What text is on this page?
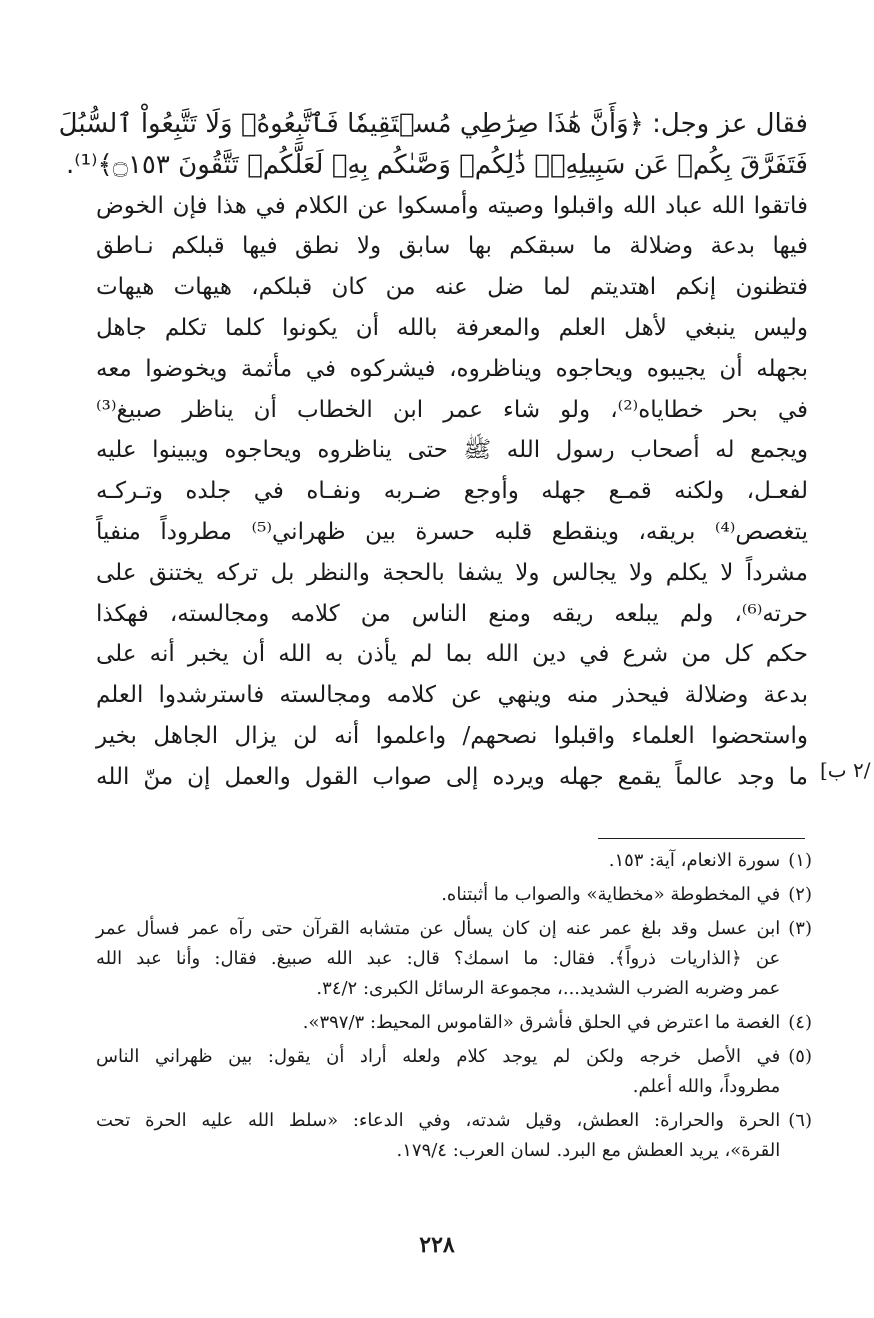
فقال عز وجل: ﴿وَأَنَّ هَٰذَا صِرَٰطِي مُسۡتَقِيمٗا فَٱتَّبِعُوهُۖ وَلَا تَتَّبِعُواْ ٱلسُّبُلَ
فَتَفَرَّقَ بِكُمۡ عَن سَبِيلِهِۦۚ ذَٰلِكُمۡ وَصَّىٰكُم بِهِۦ لَعَلَّكُمۡ تَتَّقُونَ ۝١٥٣﴾⁽¹⁾.
فاتقوا الله عباد الله واقبلوا وصيته وأمسكوا عن الكلام في هذا فإن الخوض
فيها بدعة وضلالة ما سبقكم بها سابق ولا نطق فيها قبلكم نـاطق
فتظنون إنكم اهتديتم لما ضل عنه من كان قبلكم، هيهات هيهات
وليس ينبغي لأهل العلم والمعرفة بالله أن يكونوا كلما تكلم جاهل
بجهله أن يجيبوه ويحاجوه ويناظروه، فيشركوه في مأثمة ويخوضوا معه
في بحر خطاياه⁽²⁾، ولو شاء عمر ابن الخطاب أن يناظر صبيغ⁽³⁾
ويجمع له أصحاب رسول الله ﷺ حتى يناظروه ويحاجوه ويبينوا عليه
لفعـل، ولكنه قمـع جهله وأوجع ضـربه ونفـاه في جلده وتـركـه
يتغصص⁽⁴⁾ بريقه، وينقطع قلبه حسرة بين ظهراني⁽⁵⁾ مطروداً منفياً
مشرداً لا يكلم ولا يجالس ولا يشفا بالحجة والنظر بل تركه يختنق على
حرته⁽⁶⁾، ولم يبلعه ريقه ومنع الناس من كلامه ومجالسته، فهكذا
حكم كل من شرع في دين الله بما لم يأذن به الله أن يخبر أنه على
بدعة وضلالة فيحذر منه وينهي عن كلامه ومجالسته فاسترشدوا العلم
واستحضوا العلماء واقبلوا نصحهم/ واعلموا أنه لن يزال الجاهل بخير
ما وجد عالماً يقمع جهله ويرده إلى صواب القول والعمل إن منّ الله /٢ ب]
(١)
سورة الانعام، آية: ١٥٣.
(٢)
في المخطوطة «مخطاية» والصواب ما أثبتناه.
(٣)
ابن عسل وقد بلغ عمر عنه إن كان يسأل عن متشابه القرآن حتى رآه عمر فسأل عمر
عن ﴿الذاريات ذرواً﴾. فقال: ما اسمك؟ قال: عبد الله صبيغ. فقال: وأنا عبد الله
عمر وضربه الضرب الشديد...، مجموعة الرسائل الكبرى: ٣٤/٢.
(٤)
الغصة ما اعترض في الحلق فأشرق «القاموس المحيط: ٣٩٧/٣».
(٥)
في الأصل خرجه ولكن لم يوجد كلام ولعله أراد أن يقول: بين ظهراني الناس
مطروداً، والله أعلم.
(٦)
الحرة والحرارة: العطش، وقيل شدته، وفي الدعاء: «سلط الله عليه الحرة تحت
القرة»، يريد العطش مع البرد. لسان العرب: ١٧٩/٤.
٢٢٨
